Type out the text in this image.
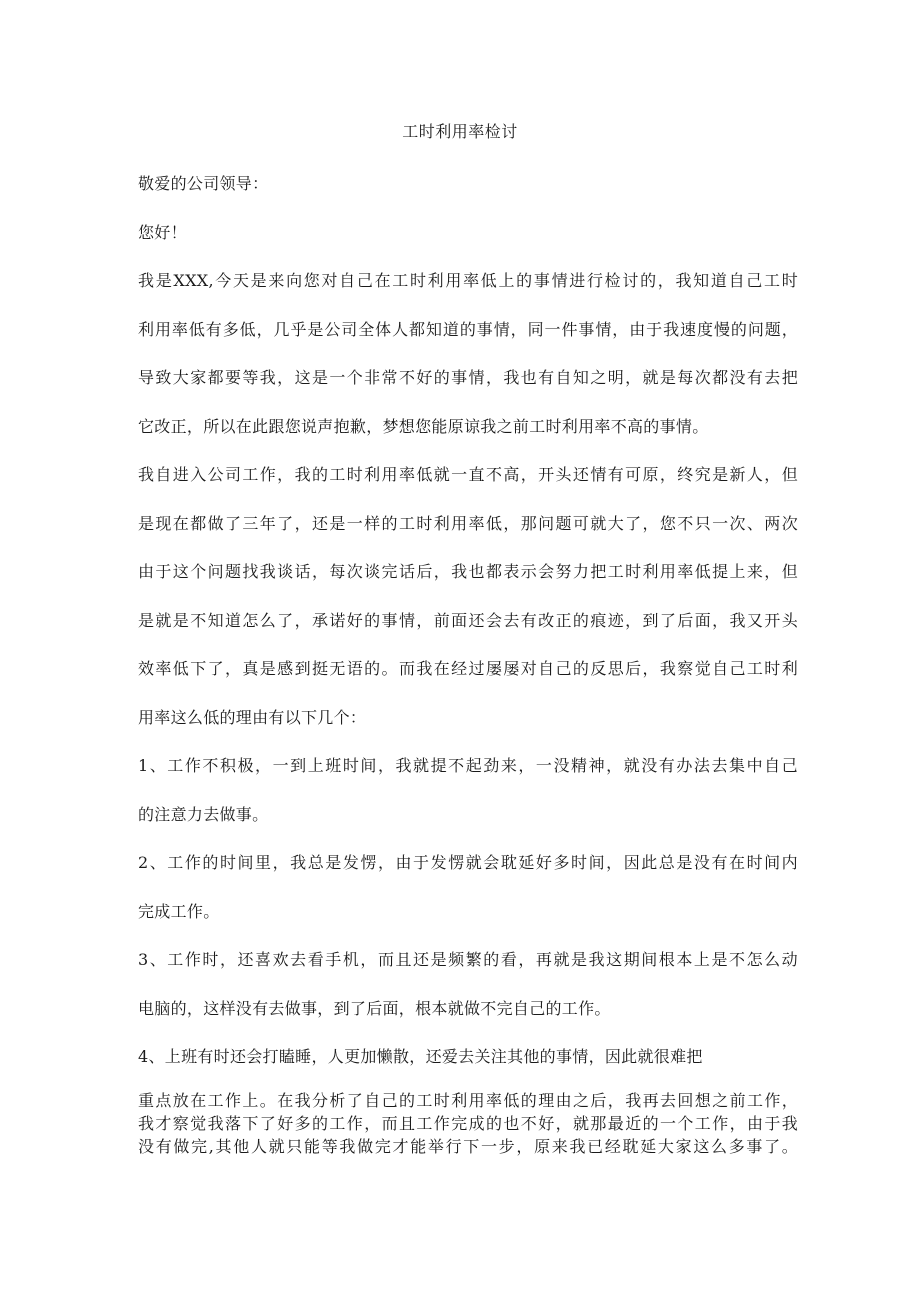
工时利用率检讨
敬爱的公司领导：
您好！
我是XXX,今天是来向您对自己在工时利用率低上的事情进行检讨的，我知道自己工时
利用率低有多低，几乎是公司全体人都知道的事情，同一件事情，由于我速度慢的问题，
导致大家都要等我，这是一个非常不好的事情，我也有自知之明，就是每次都没有去把
它改正，所以在此跟您说声抱歉，梦想您能原谅我之前工时利用率不高的事情。
我自进入公司工作，我的工时利用率低就一直不高，开头还情有可原，终究是新人，但
是现在都做了三年了，还是一样的工时利用率低，那问题可就大了，您不只一次、两次
由于这个问题找我谈话，每次谈完话后，我也都表示会努力把工时利用率低提上来，但
是就是不知道怎么了，承诺好的事情，前面还会去有改正的痕迹，到了后面，我又开头
效率低下了，真是感到挺无语的。而我在经过屡屡对自己的反思后，我察觉自己工时利
用率这么低的理由有以下几个：
1、工作不积极，一到上班时间，我就提不起劲来，一没精神，就没有办法去集中自己
的注意力去做事。
2、工作的时间里，我总是发愣，由于发愣就会耽延好多时间，因此总是没有在时间内
完成工作。
3、工作时，还喜欢去看手机，而且还是频繁的看，再就是我这期间根本上是不怎么动
电脑的，这样没有去做事，到了后面，根本就做不完自己的工作。
4、上班有时还会打瞌睡，人更加懒散，还爱去关注其他的事情，因此就很难把
重点放在工作上。在我分析了自己的工时利用率低的理由之后，我再去回想之前工作，
我才察觉我落下了好多的工作，而且工作完成的也不好，就那最近的一个工作，由于我
没有做完,其他人就只能等我做完才能举行下一步，原来我已经耽延大家这么多事了。
